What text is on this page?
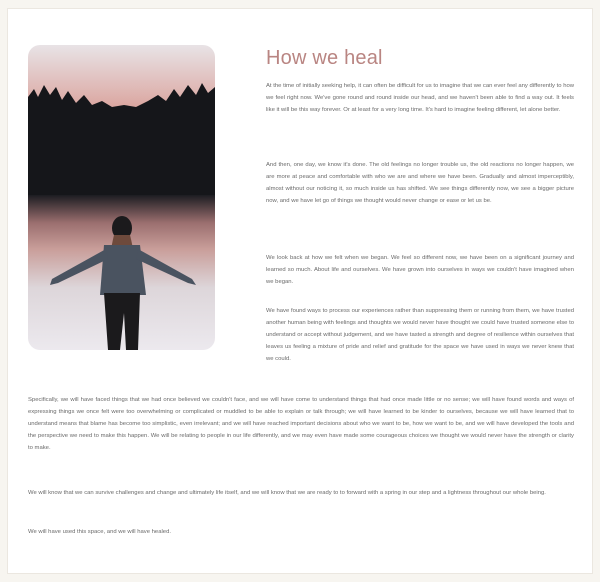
How we heal

At the time of initially seeking help, it can often be difficult for us to imagine that we can ever feel any differently to how we feel right now. We've gone round and round inside our head, and we haven't been able to find a way out. It feels like it will be this way forever. Or at least for a very long time. It's hard to imagine feeling different, let alone better.

And then, one day, we know it's done. The old feelings no longer trouble us, the old reactions no longer happen, we are more at peace and comfortable with who we are and where we have been. Gradually and almost imperceptibly, almost without our noticing it, so much inside us has shifted. We see things differently now, we see a bigger picture now, and we have let go of things we thought would never change or ease or let us be.

We look back at how we felt when we began. We feel so different now, we have been on a significant journey and learned so much. About life and ourselves. We have grown into ourselves in ways we couldn't have imagined when we began.

We have found ways to process our experiences rather than suppressing them or running from them, we have trusted another human being with feelings and thoughts we would never have thought we could have trusted someone else to understand or accept without judgement, and we have tasted a strength and degree of resilience within ourselves that leaves us feeling a mixture of pride and relief and gratitude for the space we have used in ways we never knew that we could.

Specifically, we will have faced things that we had once believed we couldn't face, and we will have come to understand things that had once made little or no sense; we will have found words and ways of expressing things we once felt were too overwhelming or complicated or muddled to be able to explain or talk through; we will have learned to be kinder to ourselves, because we will have learned that to understand means that blame has become too simplistic, even irrelevant; and we will have reached important decisions about who we want to be, how we want to be, and we will have developed the tools and the perspective we need to make this happen. We will be relating to people in our life differently, and we may even have made some courageous choices we thought we would never have the strength or clarity to make.

We will know that we can survive challenges and change and ultimately life itself, and we will know that we are ready to to forward with a spring in our step and a lightness throughout our whole being.

We will have used this space, and we will have healed.
